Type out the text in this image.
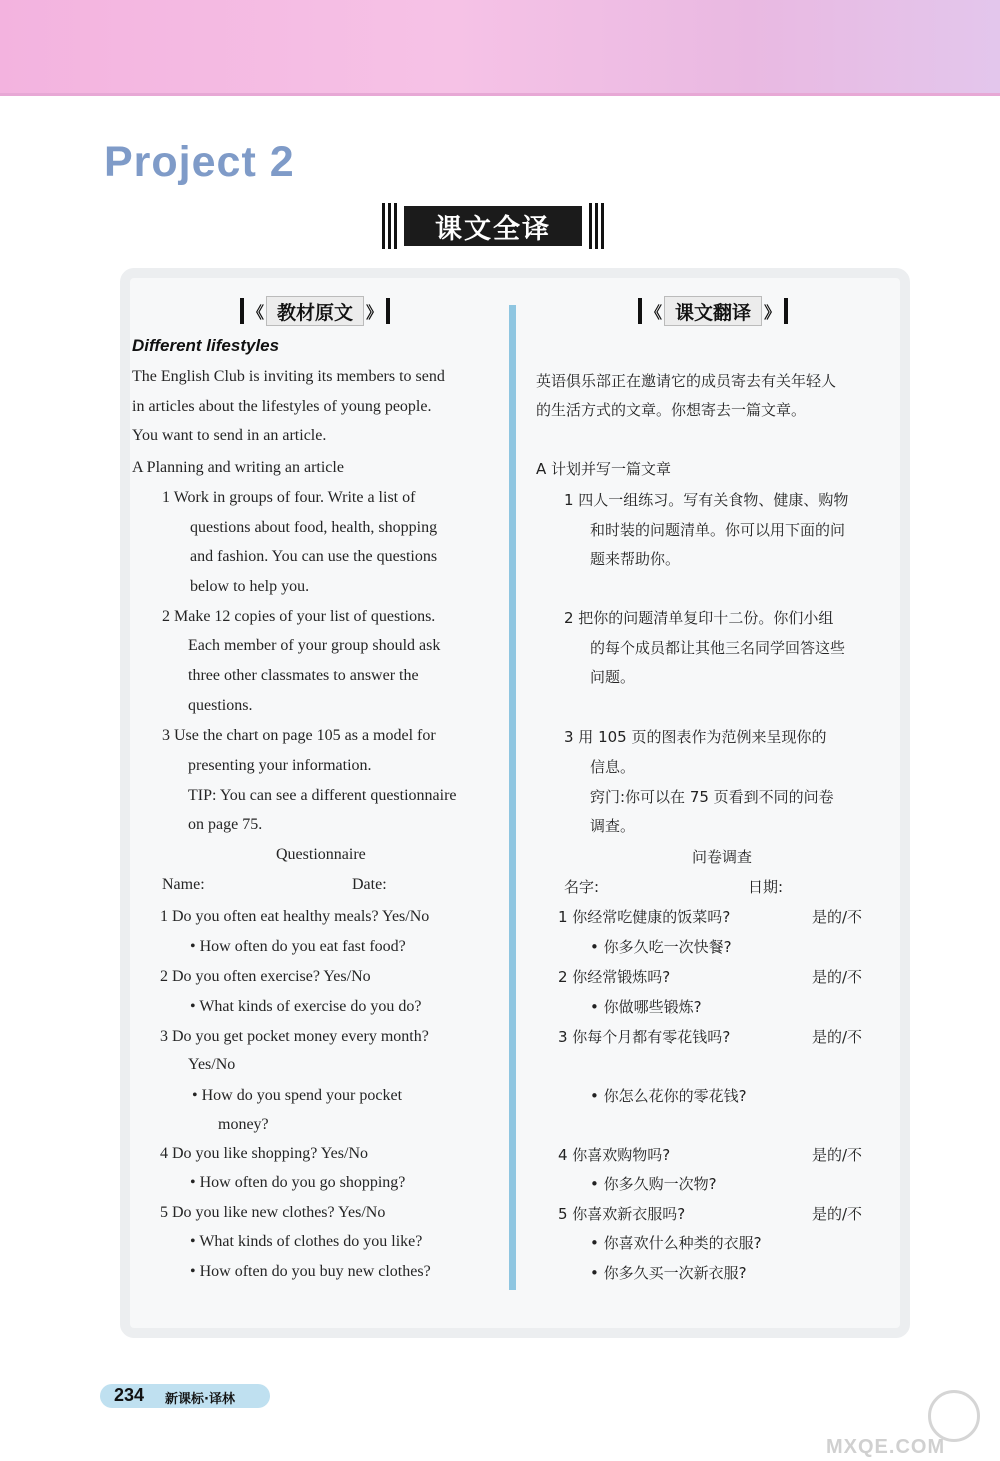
Project 2
课文全译
《 教材原文 》	《 课文翻译 》
Different lifestyles
The English Club is inviting its members to send
in articles about the lifestyles of young people.
You want to send in an article.
A Planning and writing an article
1 Work in groups of four. Write a list of
questions about food, health, shopping
and fashion. You can use the questions
below to help you.
2 Make 12 copies of your list of questions.
Each member of your group should ask
three other classmates to answer the
questions.
3 Use the chart on page 105 as a model for
presenting your information.
TIP: You can see a different questionnaire
on page 75.
Questionnaire
Name:	Date:
1 Do you often eat healthy meals? Yes/No
• How often do you eat fast food?
2 Do you often exercise? Yes/No
• What kinds of exercise do you do?
3 Do you get pocket money every month?
Yes/No
• How do you spend your pocket
money?
4 Do you like shopping? Yes/No
• How often do you go shopping?
5 Do you like new clothes? Yes/No
• What kinds of clothes do you like?
• How often do you buy new clothes?
英语俱乐部正在邀请它的成员寄去有关年轻人
的生活方式的文章。你想寄去一篇文章。
A 计划并写一篇文章
1 四人一组练习。写有关食物、健康、购物
和时装的问题清单。你可以用下面的问
题来帮助你。
2 把你的问题清单复印十二份。你们小组
的每个成员都让其他三名同学回答这些
问题。
3 用 105 页的图表作为范例来呈现你的
信息。
窍门:你可以在 75 页看到不同的问卷
调查。
问卷调查
名字:	日期:
1 你经常吃健康的饭菜吗?	是的/不
• 你多久吃一次快餐?
2 你经常锻炼吗?	是的/不
• 你做哪些锻炼?
3 你每个月都有零花钱吗?	是的/不
• 你怎么花你的零花钱?
4 你喜欢购物吗?	是的/不
• 你多久购一次物?
5 你喜欢新衣服吗?	是的/不
• 你喜欢什么种类的衣服?
• 你多久买一次新衣服?
234 新课标·译林
MXQE.COM
